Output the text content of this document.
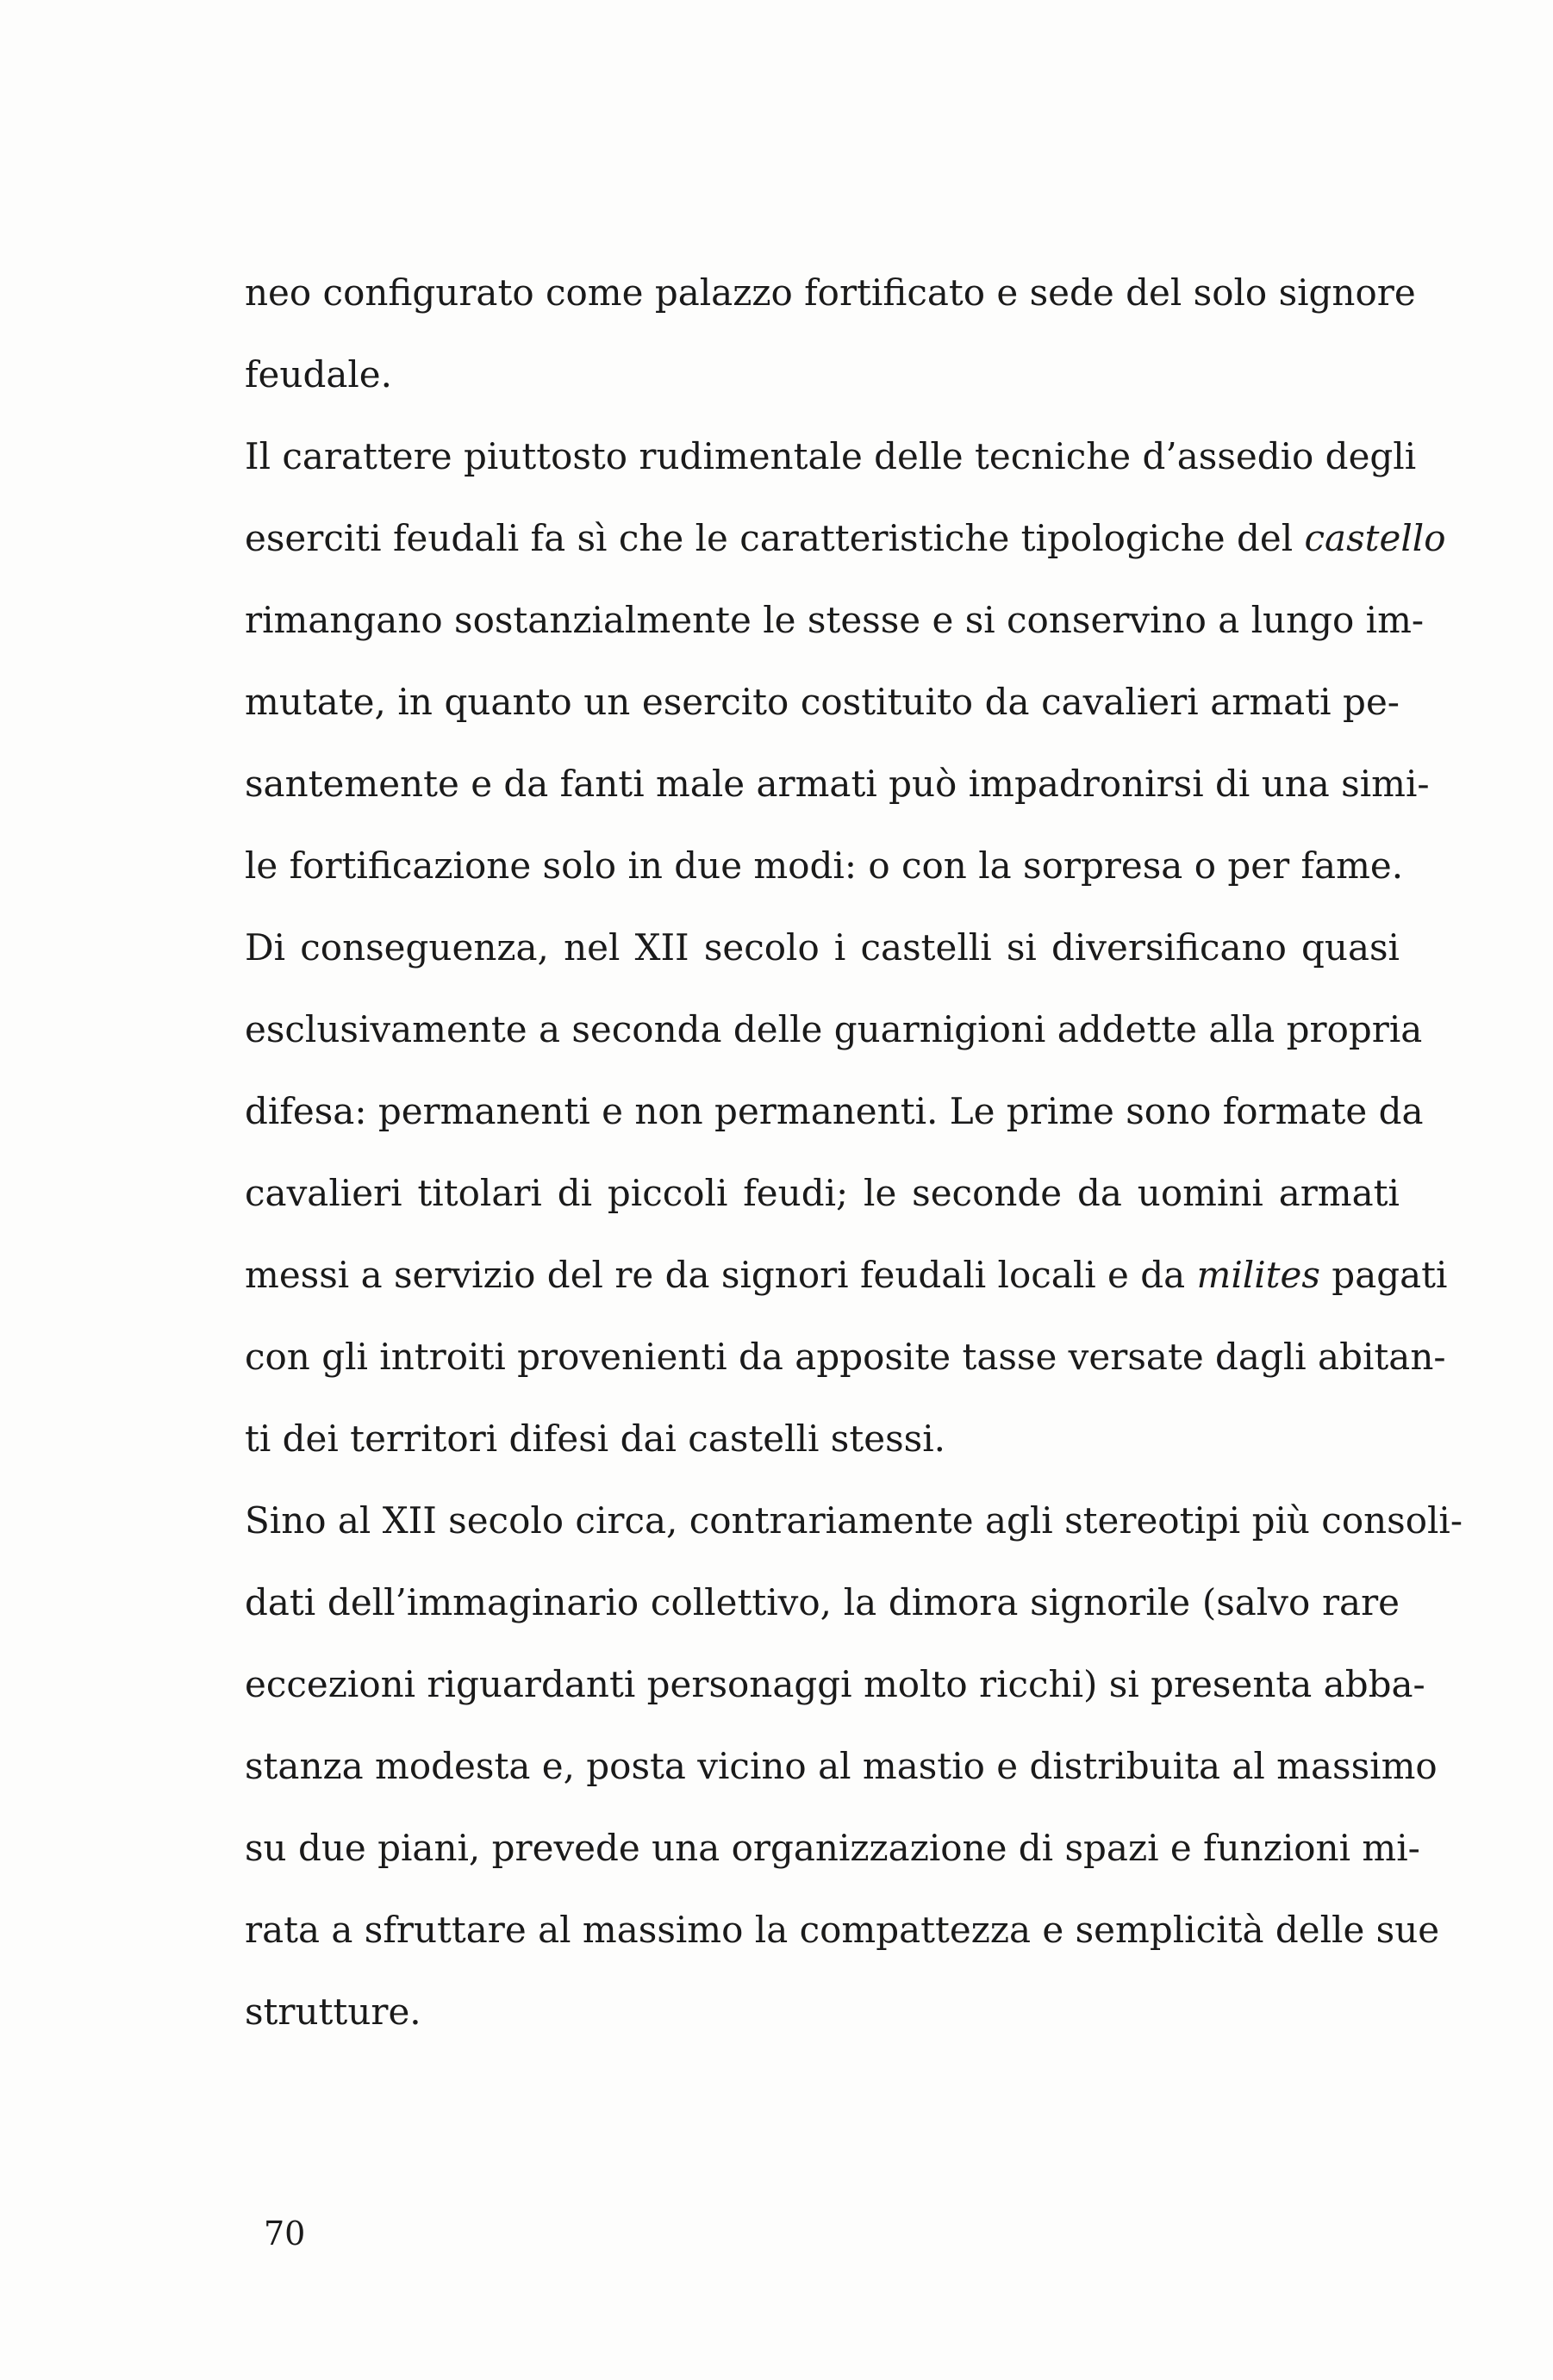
neo configurato come palazzo fortificato e sede del solo signore
feudale.
Il carattere piuttosto rudimentale delle tecniche d’assedio degli
eserciti feudali fa sì che le caratteristiche tipologiche del castello
rimangano sostanzialmente le stesse e si conservino a lungo im-
mutate, in quanto un esercito costituito da cavalieri armati pe-
santemente e da fanti male armati può impadronirsi di una simi-
le fortificazione solo in due modi: o con la sorpresa o per fame.
Di conseguenza, nel XII secolo i castelli si diversificano quasi
esclusivamente a seconda delle guarnigioni addette alla propria
difesa: permanenti e non permanenti. Le prime sono formate da
cavalieri titolari di piccoli feudi; le seconde da uomini armati
messi a servizio del re da signori feudali locali e da milites pagati
con gli introiti provenienti da apposite tasse versate dagli abitan-
ti dei territori difesi dai castelli stessi.
Sino al XII secolo circa, contrariamente agli stereotipi più consoli-
dati dell’immaginario collettivo, la dimora signorile (salvo rare
eccezioni riguardanti personaggi molto ricchi) si presenta abba-
stanza modesta e, posta vicino al mastio e distribuita al massimo
su due piani, prevede una organizzazione di spazi e funzioni mi-
rata a sfruttare al massimo la compattezza e semplicità delle sue
strutture.
70
